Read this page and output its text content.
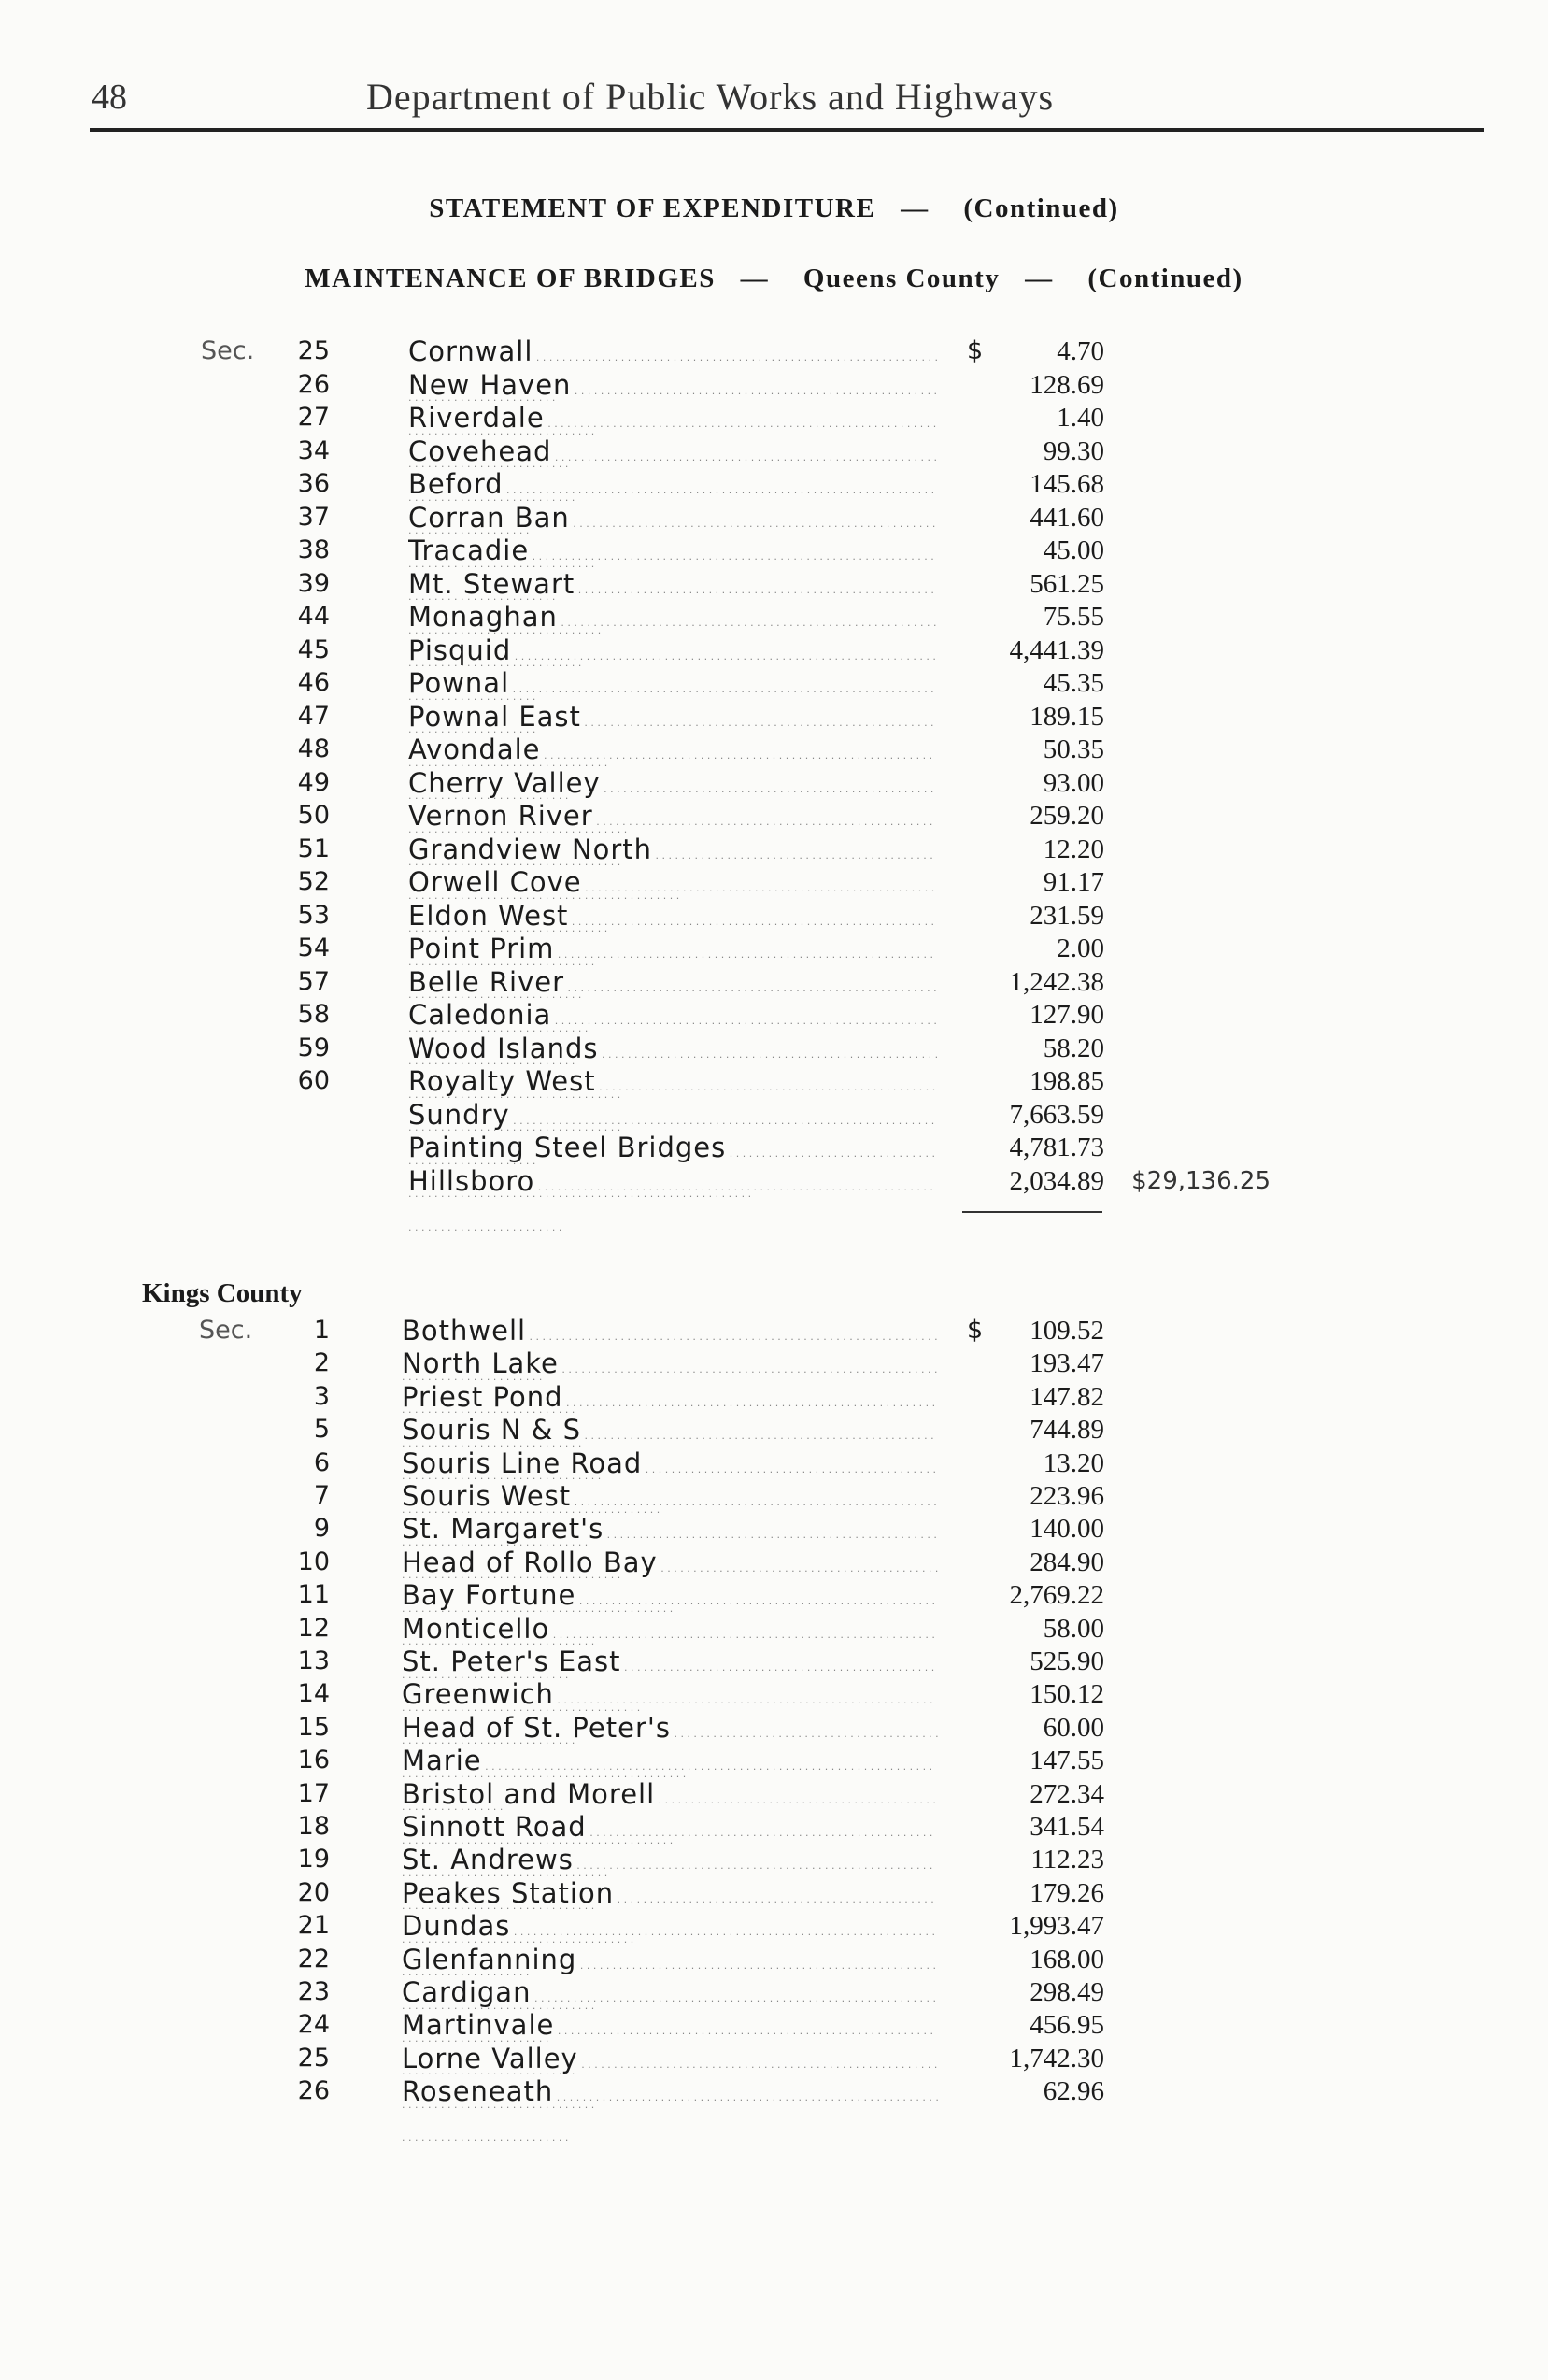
48	Department of Public Works and Highways
STATEMENT OF EXPENDITURE — (Continued)
MAINTENANCE OF BRIDGES — Queens County — (Continued)
Sec. 25	Cornwall . . .	$	4.70
26	New Haven . . .	128.69
27	Riverdale . . .	1.40
34	Covehead . . .	99.30
36	Beford . . .	145.68
37	Corran Ban . . .	441.60
38	Tracadie . . .	45.00
39	Mt. Stewart . . .	561.25
44	Monaghan . . .	75.55
45	Pisquid . . .	4,441.39
46	Pownal . . .	45.35
47	Pownal East . . .	189.15
48	Avondale . . .	50.35
49	Cherry Valley . . .	93.00
50	Vernon River . . .	259.20
51	Grandview North . . .	12.20
52	Orwell Cove . . .	91.17
53	Eldon West . . .	231.59
54	Point Prim . . .	2.00
57	Belle River . . .	1,242.38
58	Caledonia . . .	127.90
59	Wood Islands . . .	58.20
60	Royalty West . . .	198.85
Sundry . . .	7,663.59
Painting Steel Bridges . . .	4,781.73
Hillsboro . . .	2,034.89 $29,136.25
Kings County
Sec. 1	Bothwell . . .	$ 109.52
2	North Lake . . .	193.47
3	Priest Pond . . .	147.82
5	Souris N & S . . .	744.89
6	Souris Line Road . . .	13.20
7	Souris West . . .	223.96
9	St. Margaret's . . .	140.00
10	Head of Rollo Bay . . .	284.90
11	Bay Fortune . . .	2,769.22
12	Monticello . . .	58.00
13	St. Peter's East . . .	525.90
14	Greenwich . . .	150.12
15	Head of St. Peter's . . .	60.00
16	Marie . . .	147.55
17	Bristol and Morell . . .	272.34
18	Sinnott Road . . .	341.54
19	St. Andrews . . .	112.23
20	Peakes Station . . .	179.26
21	Dundas . . .	1,993.47
22	Glenfanning . . .	168.00
23	Cardigan . . .	298.49
24	Martinvale . . .	456.95
25	Lorne Valley . . .	1,742.30
26	Roseneath . . .	62.96
